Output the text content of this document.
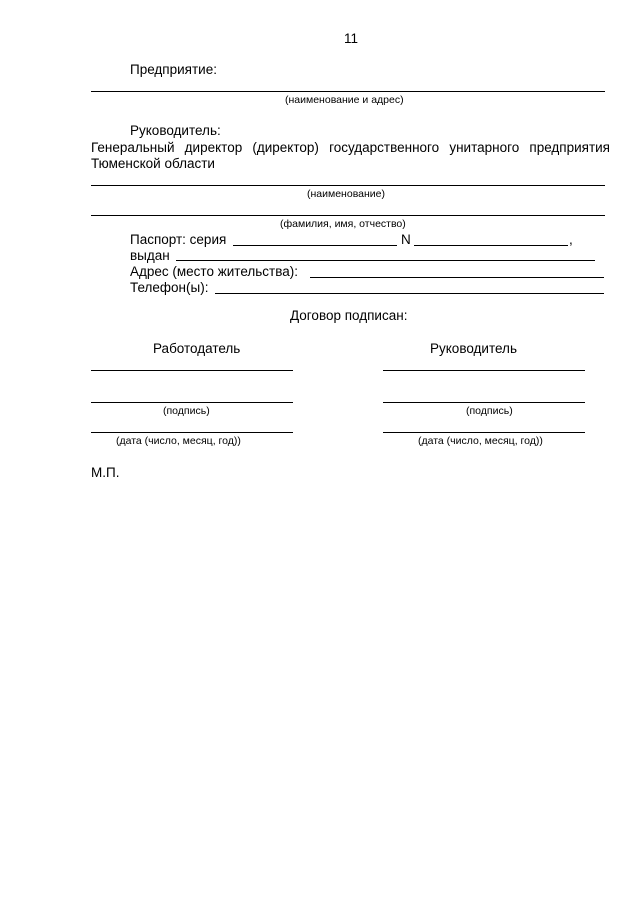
11
Предприятие:
(наименование и адрес)
Руководитель:
Генеральный директор (директор) государственного унитарного предприятия
Тюменской области
(наименование)
(фамилия, имя, отчество)
Паспорт: серия	N	,
выдан
Адрес (место жительства):
Телефон(ы):
Договор подписан:
Работодатель
(подпись)
(дата (число, месяц, год))
Руководитель
(подпись)
(дата (число, месяц, год))
М.П.
